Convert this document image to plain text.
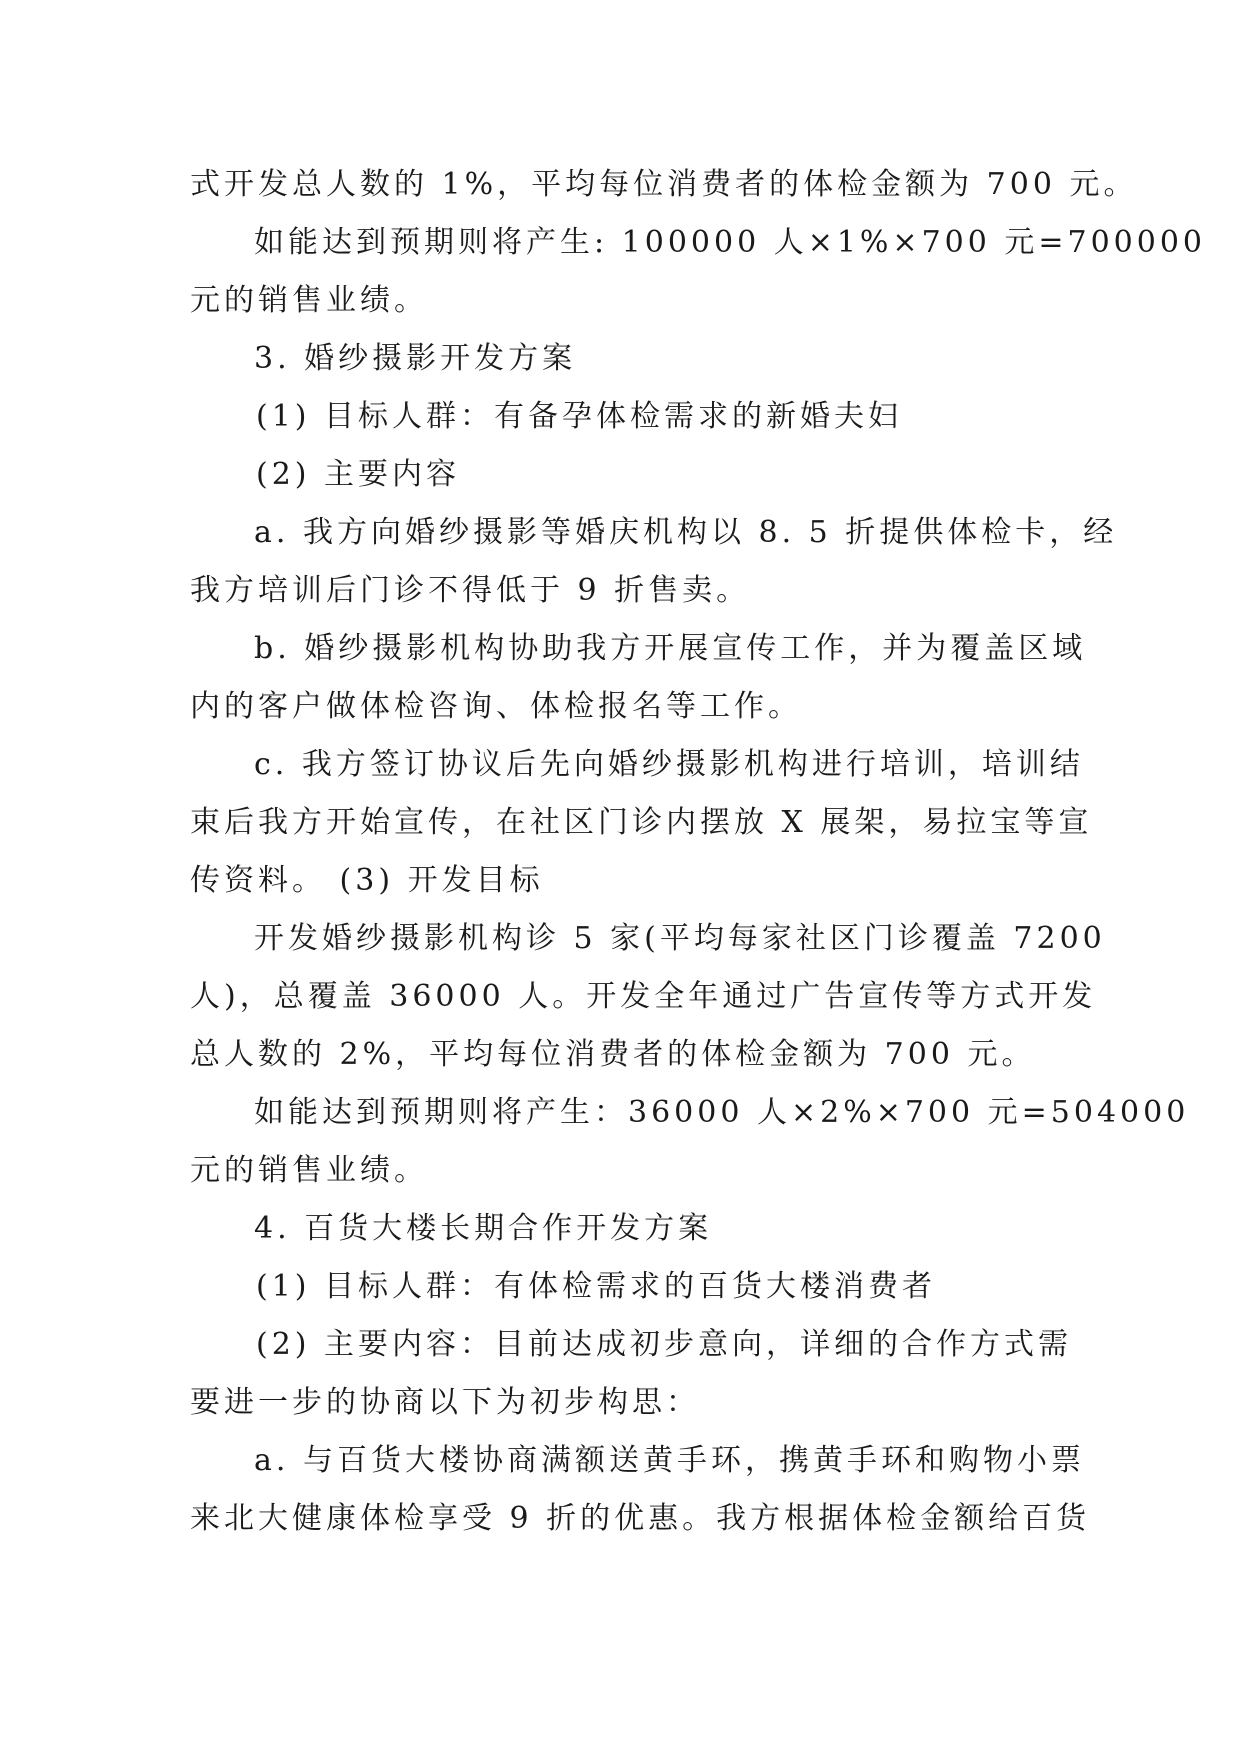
式开发总人数的 1%，平均每位消费者的体检金额为 700 元。
如能达到预期则将产生: 100000 人×1%×700 元=700000
元的销售业绩。
3. 婚纱摄影开发方案
(1) 目标人群：有备孕体检需求的新婚夫妇
(2) 主要内容
a. 我方向婚纱摄影等婚庆机构以 8. 5 折提供体检卡，经
我方培训后门诊不得低于 9 折售卖。
b. 婚纱摄影机构协助我方开展宣传工作，并为覆盖区域
内的客户做体检咨询、体检报名等工作。
c. 我方签订协议后先向婚纱摄影机构进行培训，培训结
束后我方开始宣传，在社区门诊内摆放 X 展架，易拉宝等宣
传资料。 (3) 开发目标
开发婚纱摄影机构诊 5 家(平均每家社区门诊覆盖 7200
人)，总覆盖 36000 人。开发全年通过广告宣传等方式开发
总人数的 2%，平均每位消费者的体检金额为 700 元。
如能达到预期则将产生：36000 人×2%×700 元=504000
元的销售业绩。
4. 百货大楼长期合作开发方案
(1) 目标人群：有体检需求的百货大楼消费者
(2) 主要内容：目前达成初步意向，详细的合作方式需
要进一步的协商以下为初步构思：
a. 与百货大楼协商满额送黄手环，携黄手环和购物小票
来北大健康体检享受 9 折的优惠。我方根据体检金额给百货
